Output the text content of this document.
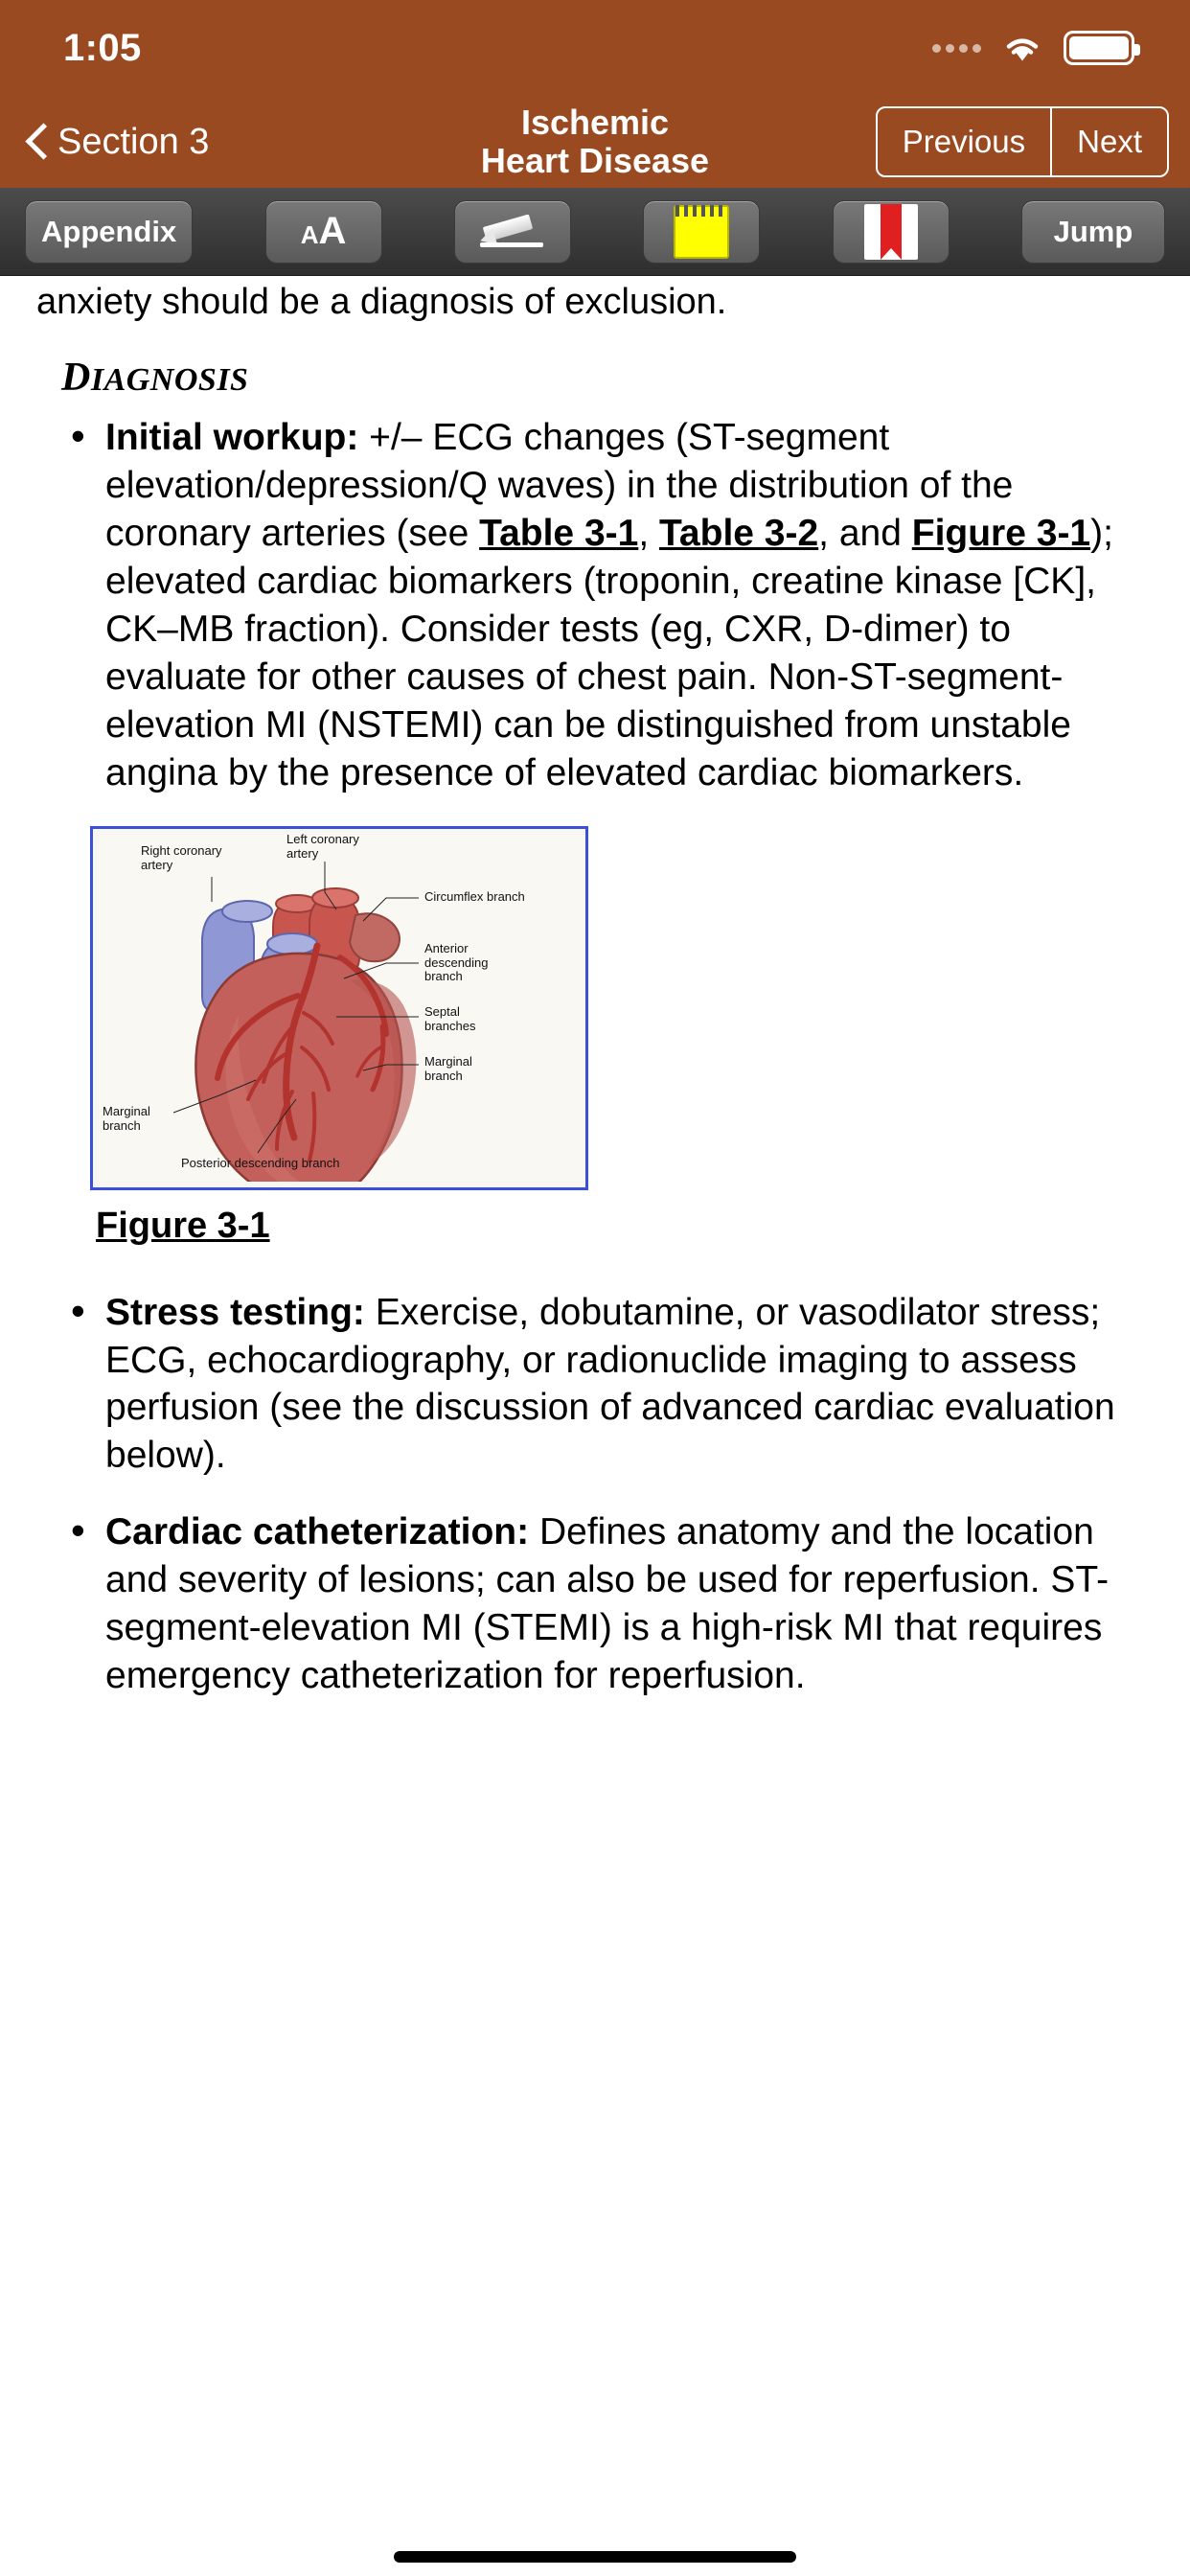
1:05
Section 3	Ischemic
Heart Disease	Previous	Next
Appendix	AA	Jump

anxiety should be a diagnosis of exclusion.

DIAGNOSIS
• Initial workup: +/– ECG changes (ST-segment elevation/depression/Q waves) in the distribution of the coronary arteries (see Table 3-1, Table 3-2, and Figure 3-1); elevated cardiac biomarkers (troponin, creatine kinase [CK], CK–MB fraction). Consider tests (eg, CXR, D-dimer) to evaluate for other causes of chest pain. Non-ST-segment-elevation MI (NSTEMI) can be distinguished from unstable angina by the presence of elevated cardiac biomarkers.
Right coronary
artery
Left coronary
artery
Circumflex branch
Anterior
descending
branch
Septal
branches
Marginal
branch
Marginal
branch
Posterior descending branch
Figure 3-1
• Stress testing: Exercise, dobutamine, or vasodilator stress; ECG, echocardiography, or radionuclide imaging to assess perfusion (see the discussion of advanced cardiac evaluation below).
• Cardiac catheterization: Defines anatomy and the location and severity of lesions; can also be used for reperfusion. ST-segment-elevation MI (STEMI) is a high-risk MI that requires emergency catheterization for reperfusion.
